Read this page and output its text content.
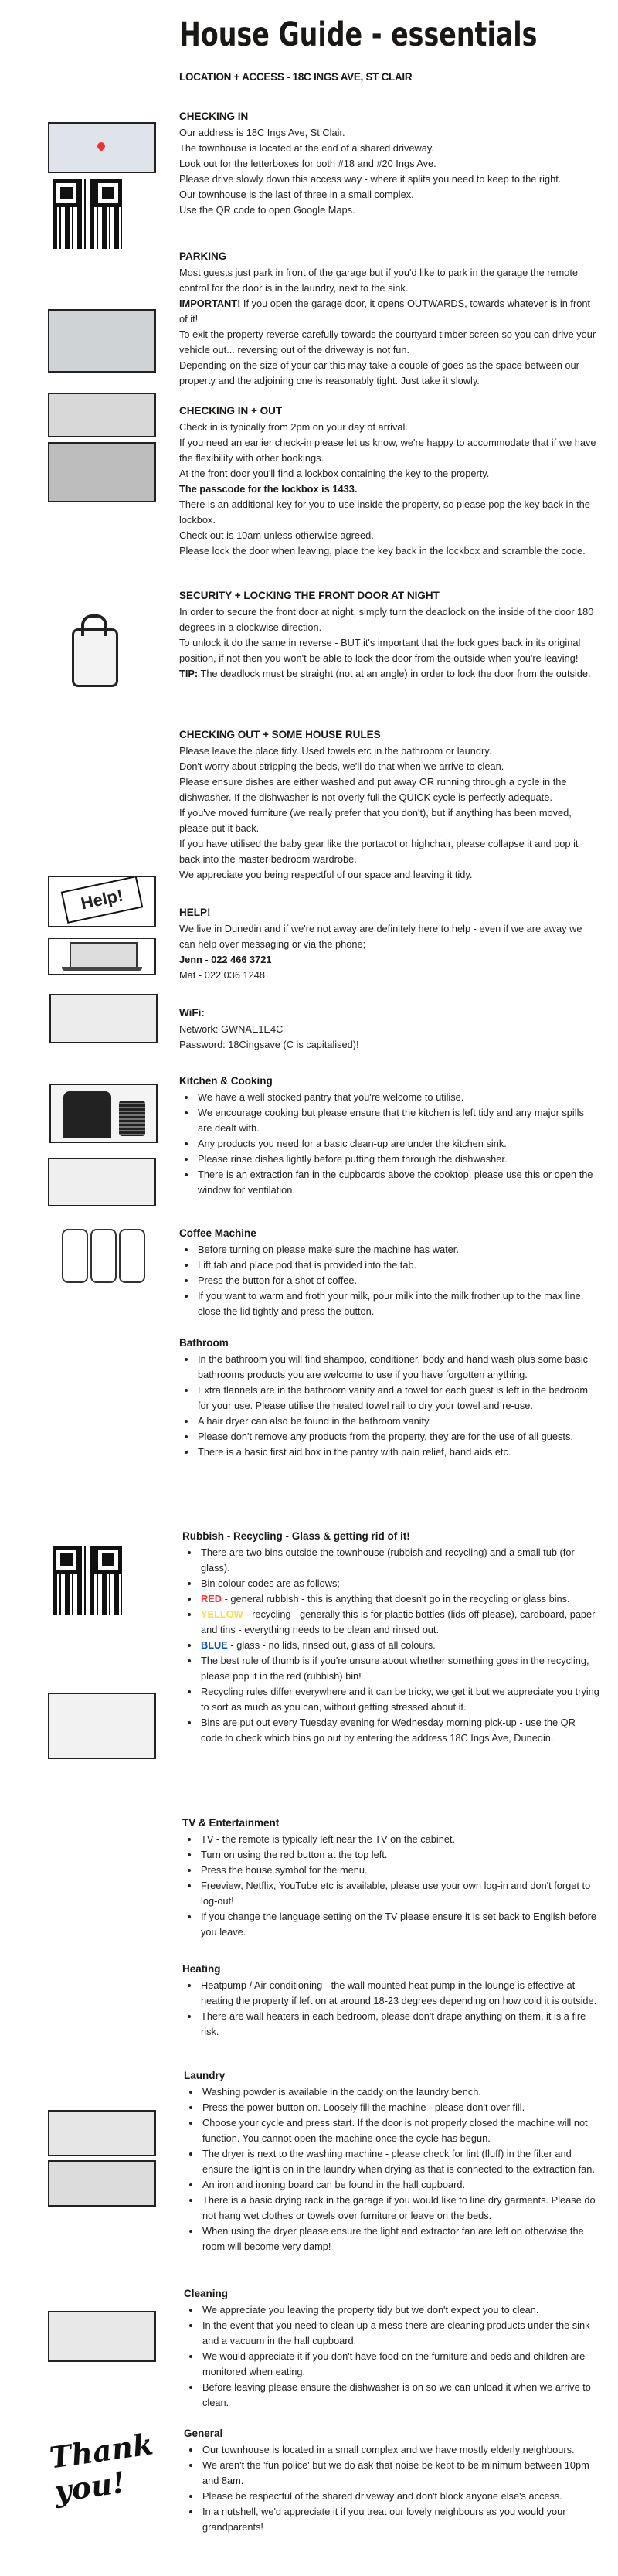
House Guide - essentials
LOCATION + ACCESS - 18C INGS AVE, ST CLAIR
Help!
Thank you!
CHECKING IN

Our address is 18C Ings Ave, St Clair.

The townhouse is located at the end of a shared driveway.

Look out for the letterboxes for both #18 and #20 Ings Ave.

Please drive slowly down this access way - where it splits you need to keep to the right.

Our townhouse is the last of three in a small complex.

Use the QR code to open Google Maps.

PARKING

Most guests just park in front of the garage but if you'd like to park in the garage the remote control for the door is in the laundry, next to the sink.

IMPORTANT! If you open the garage door, it opens OUTWARDS, towards whatever is in front of it!

To exit the property reverse carefully towards the courtyard timber screen so you can drive your vehicle out... reversing out of the driveway is not fun.

Depending on the size of your car this may take a couple of goes as the space between our property and the adjoining one is reasonably tight. Just take it slowly.

CHECKING IN + OUT

Check in is typically from 2pm on your day of arrival.

If you need an earlier check-in please let us know, we're happy to accommodate that if we have the flexibility with other bookings.

At the front door you'll find a lockbox containing the key to the property.

The passcode for the lockbox is 1433.

There is an additional key for you to use inside the property, so please pop the key back in the lockbox.

Check out is 10am unless otherwise agreed.

Please lock the door when leaving, place the key back in the lockbox and scramble the code.

SECURITY + LOCKING THE FRONT DOOR AT NIGHT

In order to secure the front door at night, simply turn the deadlock on the inside of the door 180 degrees in a clockwise direction.

To unlock it do the same in reverse - BUT it's important that the lock goes back in its original position, if not then you won't be able to lock the door from the outside when you're leaving!

TIP: The deadlock must be straight (not at an angle) in order to lock the door from the outside.

CHECKING OUT + SOME HOUSE RULES

Please leave the place tidy. Used towels etc in the bathroom or laundry.

Don't worry about stripping the beds, we'll do that when we arrive to clean.

Please ensure dishes are either washed and put away OR running through a cycle in the dishwasher. If the dishwasher is not overly full the QUICK cycle is perfectly adequate.

If you've moved furniture (we really prefer that you don't), but if anything has been moved, please put it back.

If you have utilised the baby gear like the portacot or highchair, please collapse it and pop it back into the master bedroom wardrobe.

We appreciate you being respectful of our space and leaving it tidy.

HELP!

We live in Dunedin and if we're not away are definitely here to help - even if we are away we can help over messaging or via the phone;

Jenn - 022 466 3721

Mat - 022 036 1248

WiFi:

Network: GWNAE1E4C

Password: 18Cingsave (C is capitalised)!

Kitchen & Cooking
• We have a well stocked pantry that you're welcome to utilise.
• We encourage cooking but please ensure that the kitchen is left tidy and any major spills are dealt with.
• Any products you need for a basic clean-up are under the kitchen sink.
• Please rinse dishes lightly before putting them through the dishwasher.
• There is an extraction fan in the cupboards above the cooktop, please use this or open the window for ventilation.
Coffee Machine
• Before turning on please make sure the machine has water.
• Lift tab and place pod that is provided into the tab.
• Press the button for a shot of coffee.
• If you want to warm and froth your milk, pour milk into the milk frother up to the max line, close the lid tightly and press the button.
Bathroom
• In the bathroom you will find shampoo, conditioner, body and hand wash plus some basic bathrooms products you are welcome to use if you have forgotten anything.
• Extra flannels are in the bathroom vanity and a towel for each guest is left in the bedroom for your use. Please utilise the heated towel rail to dry your towel and re-use.
• A hair dryer can also be found in the bathroom vanity.
• Please don't remove any products from the property, they are for the use of all guests.
• There is a basic first aid box in the pantry with pain relief, band aids etc.
Rubbish - Recycling - Glass & getting rid of it!
• There are two bins outside the townhouse (rubbish and recycling) and a small tub (for glass).
• Bin colour codes are as follows;
• RED - general rubbish - this is anything that doesn't go in the recycling or glass bins.
• YELLOW - recycling - generally this is for plastic bottles (lids off please), cardboard, paper and tins - everything needs to be clean and rinsed out.
• BLUE - glass - no lids, rinsed out, glass of all colours.
• The best rule of thumb is if you're unsure about whether something goes in the recycling, please pop it in the red (rubbish) bin!
• Recycling rules differ everywhere and it can be tricky, we get it but we appreciate you trying to sort as much as you can, without getting stressed about it.
• Bins are put out every Tuesday evening for Wednesday morning pick-up - use the QR code to check which bins go out by entering the address 18C Ings Ave, Dunedin.
TV & Entertainment
• TV - the remote is typically left near the TV on the cabinet.
• Turn on using the red button at the top left.
• Press the house symbol for the menu.
• Freeview, Netflix, YouTube etc is available, please use your own log-in and don't forget to log-out!
• If you change the language setting on the TV please ensure it is set back to English before you leave.
Heating
• Heatpump / Air-conditioning - the wall mounted heat pump in the lounge is effective at heating the property if left on at around 18-23 degrees depending on how cold it is outside.
• There are wall heaters in each bedroom, please don't drape anything on them, it is a fire risk.
Laundry
• Washing powder is available in the caddy on the laundry bench.
• Press the power button on. Loosely fill the machine - please don't over fill.
• Choose your cycle and press start. If the door is not properly closed the machine will not function. You cannot open the machine once the cycle has begun.
• The dryer is next to the washing machine - please check for lint (fluff) in the filter and ensure the light is on in the laundry when drying as that is connected to the extraction fan.
• An iron and ironing board can be found in the hall cupboard.
• There is a basic drying rack in the garage if you would like to line dry garments. Please do not hang wet clothes or towels over furniture or leave on the beds.
• When using the dryer please ensure the light and extractor fan are left on otherwise the room will become very damp!
Cleaning
• We appreciate you leaving the property tidy but we don't expect you to clean.
• In the event that you need to clean up a mess there are cleaning products under the sink and a vacuum in the hall cupboard.
• We would appreciate it if you don't have food on the furniture and beds and children are monitored when eating.
• Before leaving please ensure the dishwasher is on so we can unload it when we arrive to clean.
General
• Our townhouse is located in a small complex and we have mostly elderly neighbours.
• We aren't the 'fun police' but we do ask that noise be kept to be minimum between 10pm and 8am.
• Please be respectful of the shared driveway and don't block anyone else's access.
• In a nutshell, we'd appreciate it if you treat our lovely neighbours as you would your grandparents!
